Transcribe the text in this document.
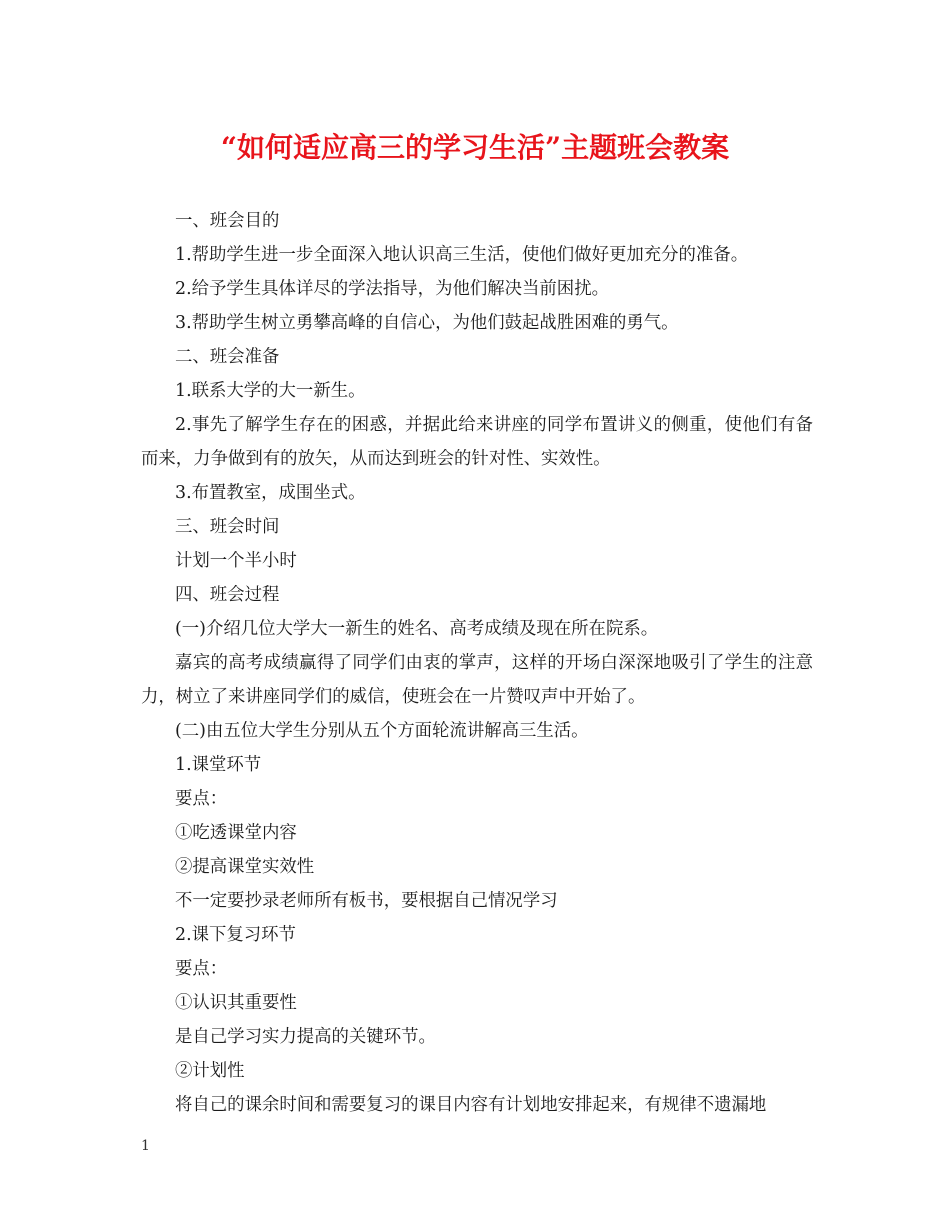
“如何适应高三的学习生活”主题班会教案

一、班会目的

1.帮助学生进一步全面深入地认识高三生活，使他们做好更加充分的准备。

2.给予学生具体详尽的学法指导，为他们解决当前困扰。

3.帮助学生树立勇攀高峰的自信心，为他们鼓起战胜困难的勇气。

二、班会准备

1.联系大学的大一新生。

2.事先了解学生存在的困惑，并据此给来讲座的同学布置讲义的侧重，使他们有备而来，力争做到有的放矢，从而达到班会的针对性、实效性。

3.布置教室，成围坐式。

三、班会时间

计划一个半小时

四、班会过程

(一)介绍几位大学大一新生的姓名、高考成绩及现在所在院系。

嘉宾的高考成绩赢得了同学们由衷的掌声，这样的开场白深深地吸引了学生的注意力，树立了来讲座同学们的威信，使班会在一片赞叹声中开始了。

(二)由五位大学生分别从五个方面轮流讲解高三生活。

1.课堂环节

要点：

①吃透课堂内容

②提高课堂实效性

不一定要抄录老师所有板书，要根据自己情况学习

2.课下复习环节

要点：

①认识其重要性

是自己学习实力提高的关键环节。

②计划性

将自己的课余时间和需要复习的课目内容有计划地安排起来，有规律不遗漏地

1
